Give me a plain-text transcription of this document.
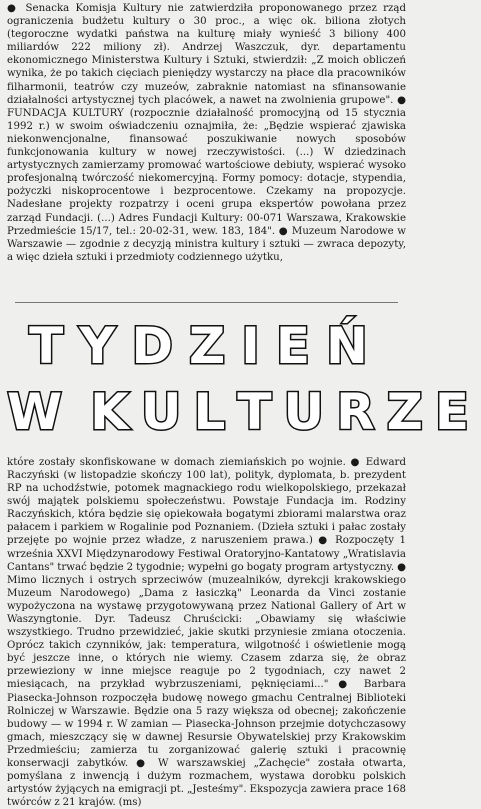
● Senacka Komisja Kultury nie zatwierdziła proponowanego przez rząd ograniczenia budżetu kultury o 30 proc., a więc ok. biliona złotych (tegoroczne wydatki państwa na kulturę miały wynieść 3 biliony 400 miliardów 222 miliony zł). Andrzej Waszczuk, dyr. departamentu ekonomicznego Ministerstwa Kultury i Sztuki, stwierdził: „Z moich obliczeń wynika, że po takich cięciach pieniędzy wystarczy na płace dla pracowników filharmonii, teatrów czy muzeów, zabraknie natomiast na sfinansowanie działalności artystycznej tych placówek, a nawet na zwolnienia grupowe". ● FUNDACJA KULTURY (rozpocznie działalność promocyjną od 15 stycznia 1992 r.) w swoim oświadczeniu oznajmiła, że: „Będzie wspierać zjawiska niekonwencjonalne, finansować poszukiwanie nowych sposobów funkcjonowania kultury w nowej rzeczywistości. (...) W dziedzinach artystycznych zamierzamy promować wartościowe debiuty, wspierać wysoko profesjonalną twórczość niekomercyjną. Formy pomocy: dotacje, stypendia, pożyczki niskoprocentowe i bezprocentowe. Czekamy na propozycje. Nadesłane projekty rozpatrzy i oceni grupa ekspertów powołana przez zarząd Fundacji. (...) Adres Fundacji Kultury: 00-071 Warszawa, Krakowskie Przedmieście 15/17, tel.: 20-02-31, wew. 183, 184". ● Muzeum Narodowe w Warszawie — zgodnie z decyzją ministra kultury i sztuki — zwraca depozyty, a więc dzieła sztuki i przedmioty codziennego użytku,

TYDZIEŃ
W KULTURZE

które zostały skonfiskowane w domach ziemiańskich po wojnie. ● Edward Raczyński (w listopadzie skończy 100 lat), polityk, dyplomata, b. prezydent RP na uchodźstwie, potomek magnackiego rodu wielkopolskiego, przekazał swój majątek polskiemu społeczeństwu. Powstaje Fundacja im. Rodziny Raczyńskich, która będzie się opiekowała bogatymi zbiorami malarstwa oraz pałacem i parkiem w Rogalinie pod Poznaniem. (Dzieła sztuki i pałac zostały przejęte po wojnie przez władze, z naruszeniem prawa.) ● Rozpoczęty 1 września XXVI Międzynarodowy Festiwal Oratoryjno-Kantatowy „Wratislavia Cantans" trwać będzie 2 tygodnie; wypełni go bogaty program artystyczny. ● Mimo licznych i ostrych sprzeciwów (muzealników, dyrekcji krakowskiego Muzeum Narodowego) „Dama z łasiczką" Leonarda da Vinci zostanie wypożyczona na wystawę przygotowywaną przez National Gallery of Art w Waszyngtonie. Dyr. Tadeusz Chruścicki: „Obawiamy się właściwie wszystkiego. Trudno przewidzieć, jakie skutki przyniesie zmiana otoczenia. Oprócz takich czynników, jak: temperatura, wilgotność i oświetlenie mogą być jeszcze inne, o których nie wiemy. Czasem zdarza się, że obraz przewieziony w inne miejsce reaguje po 2 tygodniach, czy nawet 2 miesiącach, na przykład wybrzuszeniami, pęknięciami..." ● Barbara Piasecka-Johnson rozpoczęła budowę nowego gmachu Centralnej Biblioteki Rolniczej w Warszawie. Będzie ona 5 razy większa od obecnej; zakończenie budowy — w 1994 r. W zamian — Piasecka-Johnson przejmie dotychczasowy gmach, mieszczący się w dawnej Resursie Obywatelskiej przy Krakowskim Przedmieściu; zamierza tu zorganizować galerię sztuki i pracownię konserwacji zabytków. ● W warszawskiej „Zachęcie" została otwarta, pomyślana z inwencją i dużym rozmachem, wystawa dorobku polskich artystów żyjących na emigracji pt. „Jesteśmy". Ekspozycja zawiera prace 168 twórców z 21 krajów. (ms)
